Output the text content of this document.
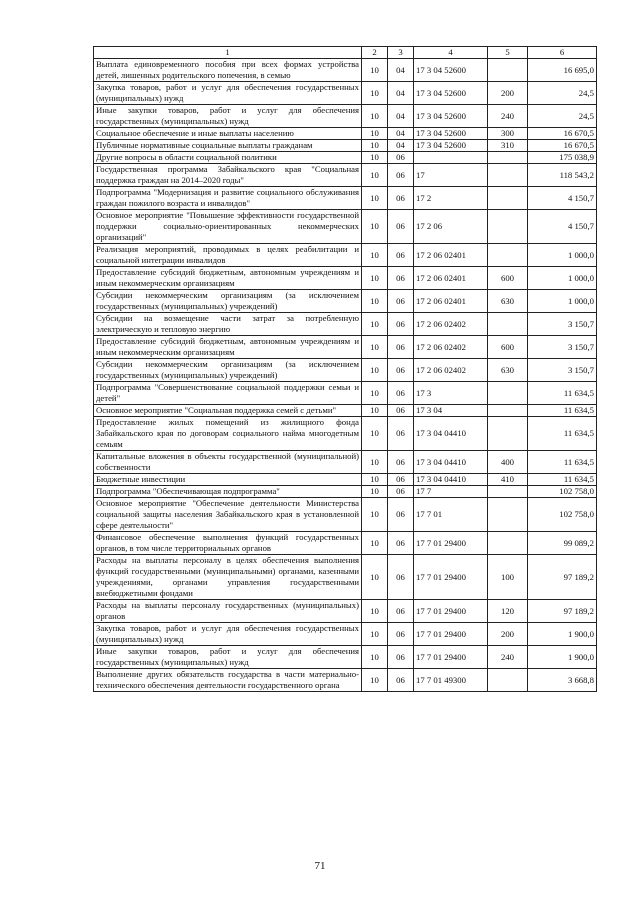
1	2	3	4	5	6
Выплата единовременного пособия при всех формах устройства детей, лишенных родительского попечения, в семью	10	04	17 3 04 52600		16 695,0
Закупка товаров, работ и услуг для обеспечения государственных (муниципальных) нужд	10	04	17 3 04 52600	200	24,5
Иные закупки товаров, работ и услуг для обеспечения государственных (муниципальных) нужд	10	04	17 3 04 52600	240	24,5
Социальное обеспечение и иные выплаты населению	10	04	17 3 04 52600	300	16 670,5
Публичные нормативные социальные выплаты гражданам	10	04	17 3 04 52600	310	16 670,5
Другие вопросы в области социальной политики	10	06			175 038,9
Государственная программа Забайкальского края "Социальная поддержка граждан на 2014–2020 годы"	10	06	17		118 543,2
Подпрограмма "Модернизация и развитие социального обслуживания граждан пожилого возраста и инвалидов"	10	06	17 2		4 150,7
Основное мероприятие "Повышение эффективности государственной поддержки социально-ориентированных некоммерческих организаций"	10	06	17 2 06		4 150,7
Реализация мероприятий, проводимых в целях реабилитации и социальной интеграции инвалидов	10	06	17 2 06 02401		1 000,0
Предоставление субсидий бюджетным, автономным учреждениям и иным некоммерческим организациям	10	06	17 2 06 02401	600	1 000,0
Субсидии некоммерческим организациям (за исключением государственных (муниципальных) учреждений)	10	06	17 2 06 02401	630	1 000,0
Субсидии на возмещение части затрат за потребленную электрическую и тепловую энергию	10	06	17 2 06 02402		3 150,7
Предоставление субсидий бюджетным, автономным учреждениям и иным некоммерческим организациям	10	06	17 2 06 02402	600	3 150,7
Субсидии некоммерческим организациям (за исключением государственных (муниципальных) учреждений)	10	06	17 2 06 02402	630	3 150,7
Подпрограмма "Совершенствование социальной поддержки семьи и детей"	10	06	17 3		11 634,5
Основное мероприятие "Социальная поддержка семей с детьми"	10	06	17 3 04		11 634,5
Предоставление жилых помещений из жилищного фонда Забайкальского края по договорам социального найма многодетным семьям	10	06	17 3 04 04410		11 634,5
Капитальные вложения в объекты государственной (муниципальной) собственности	10	06	17 3 04 04410	400	11 634,5
Бюджетные инвестиции	10	06	17 3 04 04410	410	11 634,5
Подпрограмма "Обеспечивающая подпрограмма"	10	06	17 7		102 758,0
Основное мероприятие "Обеспечение деятельности Министерства социальной защиты населения Забайкальского края в установленной сфере деятельности"	10	06	17 7 01		102 758,0
Финансовое обеспечение выполнения функций государственных органов, в том числе территориальных органов	10	06	17 7 01 29400		99 089,2
Расходы на выплаты персоналу в целях обеспечения выполнения функций государственными (муниципальными) органами, казенными учреждениями, органами управления государственными внебюджетными фондами	10	06	17 7 01 29400	100	97 189,2
Расходы на выплаты персоналу государственных (муниципальных) органов	10	06	17 7 01 29400	120	97 189,2
Закупка товаров, работ и услуг для обеспечения государственных (муниципальных) нужд	10	06	17 7 01 29400	200	1 900,0
Иные закупки товаров, работ и услуг для обеспечения государственных (муниципальных) нужд	10	06	17 7 01 29400	240	1 900,0
Выполнение других обязательств государства в части материально-технического обеспечения деятельности государственного органа	10	06	17 7 01 49300		3 668,8
71
